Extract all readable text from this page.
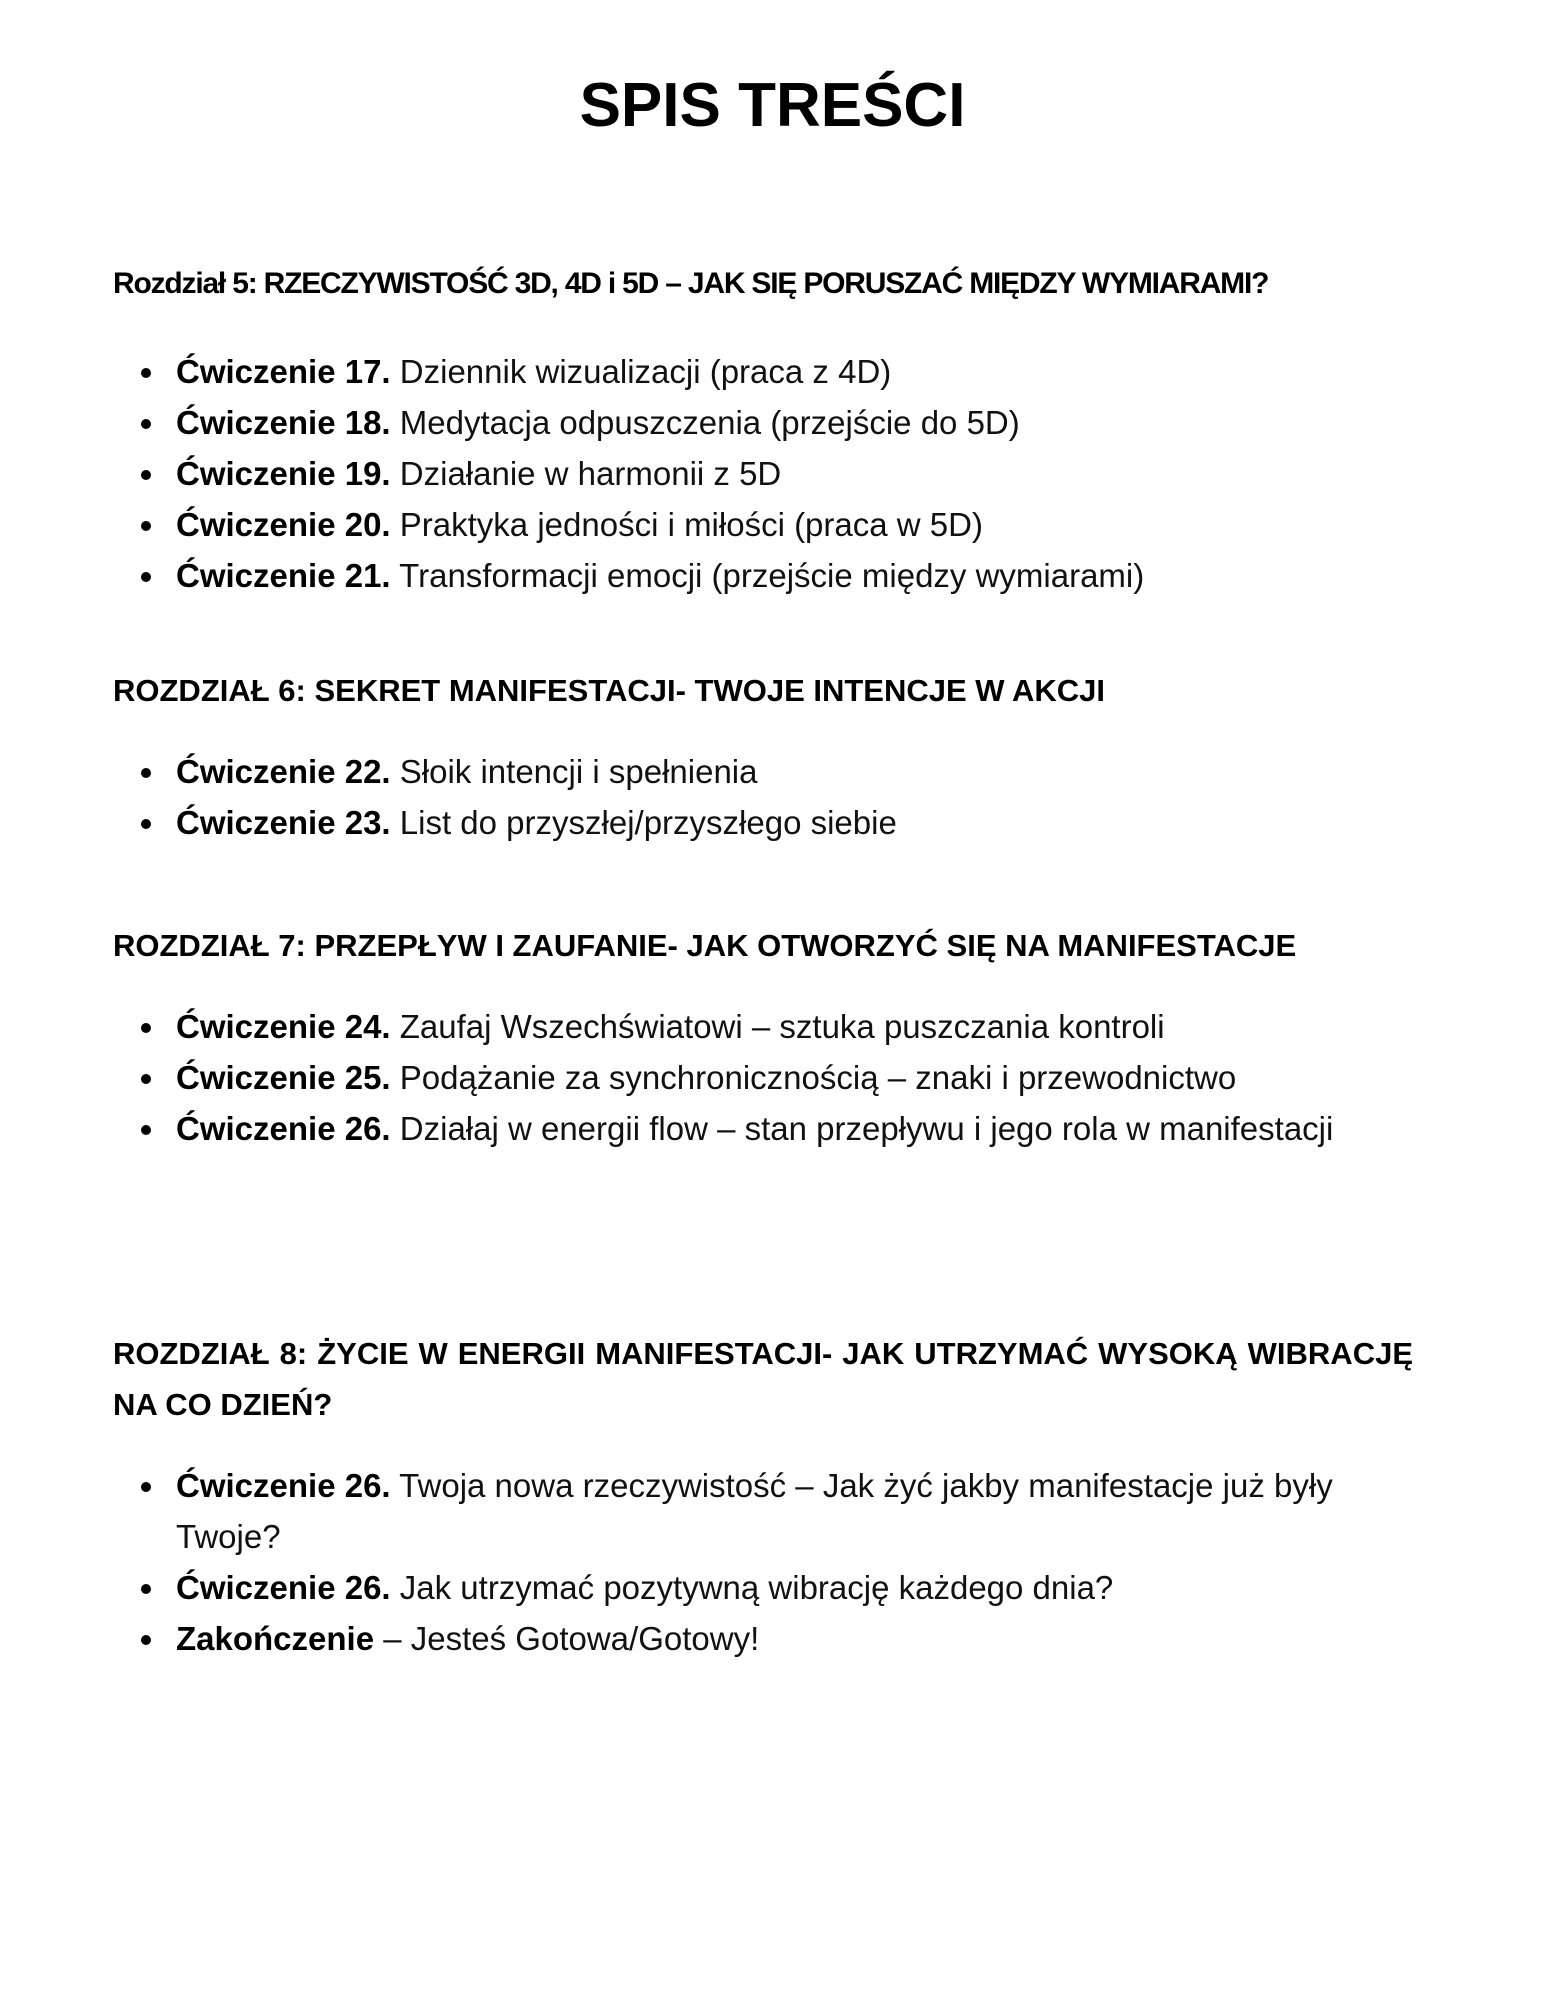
SPIS TREŚCI
Rozdział 5: RZECZYWISTOŚĆ 3D, 4D i 5D – JAK SIĘ PORUSZAĆ MIĘDZY WYMIARAMI?
Ćwiczenie 17. Dziennik wizualizacji (praca z 4D)
Ćwiczenie 18. Medytacja odpuszczenia (przejście do 5D)
Ćwiczenie 19. Działanie w harmonii z 5D
Ćwiczenie 20. Praktyka jedności i miłości (praca w 5D)
Ćwiczenie 21. Transformacji emocji (przejście między wymiarami)
ROZDZIAŁ 6: SEKRET MANIFESTACJI- TWOJE INTENCJE W AKCJI
Ćwiczenie 22. Słoik intencji i spełnienia
Ćwiczenie 23. List do przyszłej/przyszłego siebie
ROZDZIAŁ 7: PRZEPŁYW I ZAUFANIE- JAK OTWORZYĆ SIĘ NA MANIFESTACJE
Ćwiczenie 24. Zaufaj Wszechświatowi – sztuka puszczania kontroli
Ćwiczenie 25. Podążanie za synchronicznością – znaki i przewodnictwo
Ćwiczenie 26. Działaj w energii flow – stan przepływu i jego rola w manifestacji
ROZDZIAŁ 8: ŻYCIE W ENERGII MANIFESTACJI- JAK UTRZYMAĆ WYSOKĄ WIBRACJĘ NA CO DZIEŃ?
Ćwiczenie 26. Twoja nowa rzeczywistość – Jak żyć jakby manifestacje już były Twoje?
Ćwiczenie 26. Jak utrzymać pozytywną wibrację każdego dnia?
Zakończenie – Jesteś Gotowa/Gotowy!
